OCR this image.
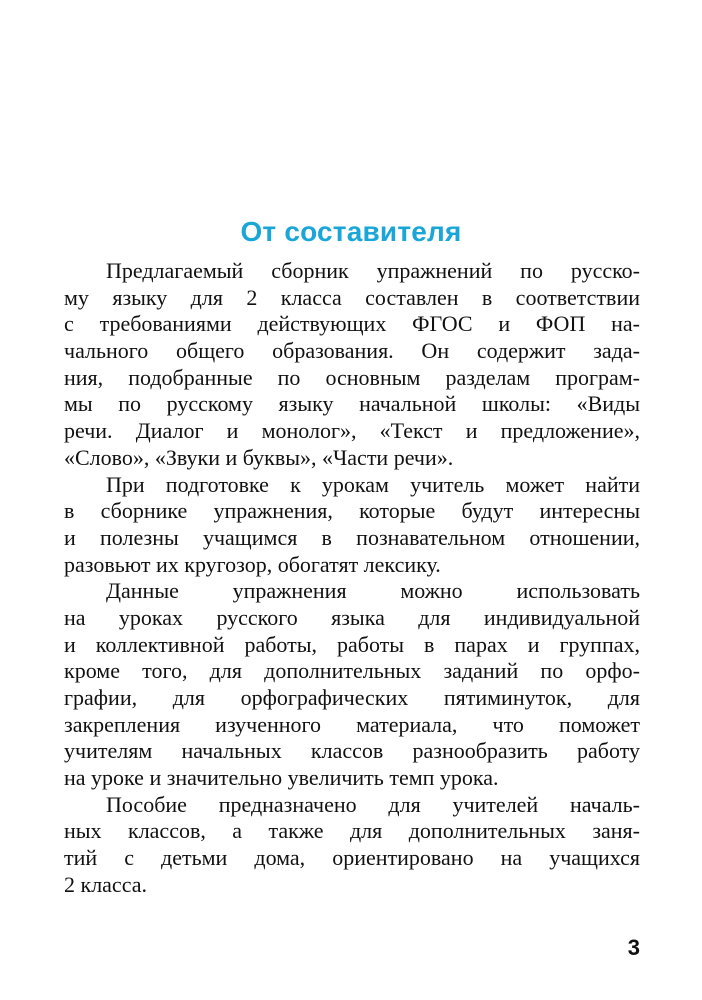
От составителя
Предлагаемый сборник упражнений по русско-
му языку для 2 класса составлен в соответствии
с требованиями действующих ФГОС и ФОП на-
чального общего образования. Он содержит зада-
ния, подобранные по основным разделам програм-
мы по русскому языку начальной школы: «Виды
речи. Диалог и монолог», «Текст и предложение»,
«Слово», «Звуки и буквы», «Части речи».
При подготовке к урокам учитель может найти
в сборнике упражнения, которые будут интересны
и полезны учащимся в познавательном отношении,
разовьют их кругозор, обогатят лексику.
Данные упражнения можно использовать
на уроках русского языка для индивидуальной
и коллективной работы, работы в парах и группах,
кроме того, для дополнительных заданий по орфо-
графии, для орфографических пятиминуток, для
закрепления изученного материала, что поможет
учителям начальных классов разнообразить работу
на уроке и значительно увеличить темп урока.
Пособие предназначено для учителей началь-
ных классов, а также для дополнительных заня-
тий с детьми дома, ориентировано на учащихся
2 класса.
3
